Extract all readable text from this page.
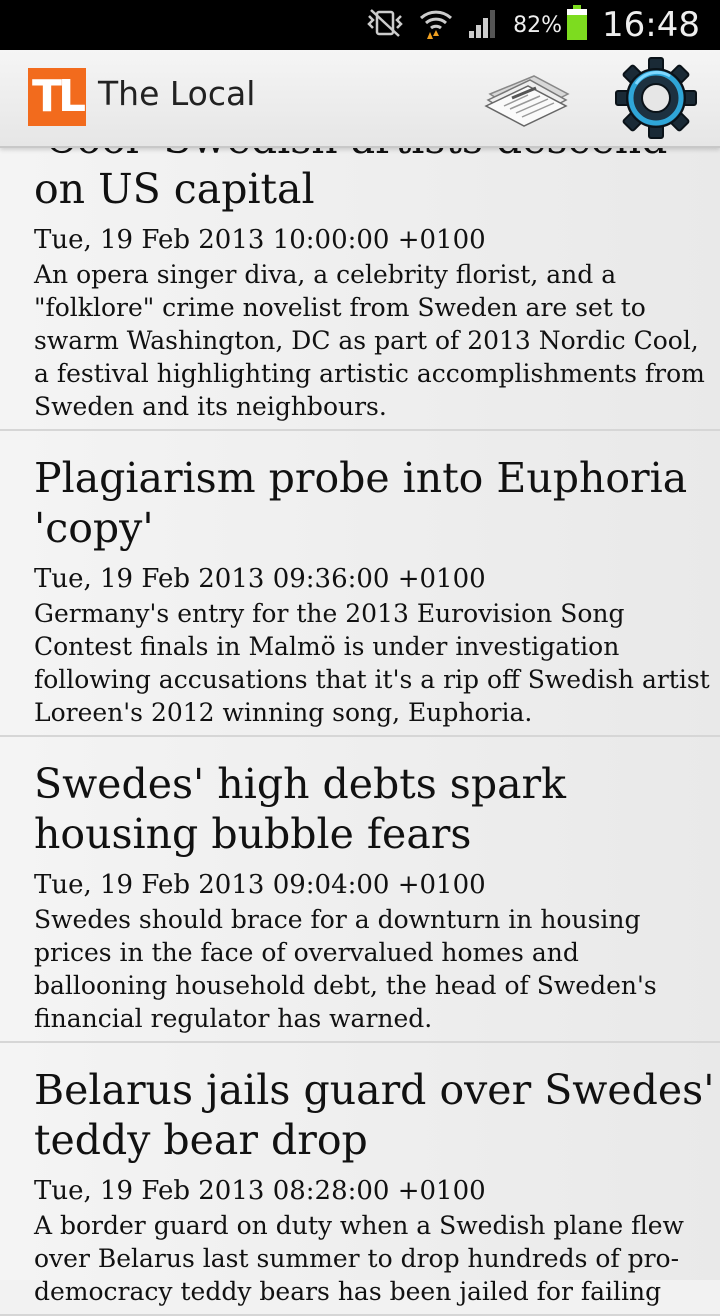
82% 16:48
TL The Local
on US capital
Tue, 19 Feb 2013 10:00:00 +0100
An opera singer diva, a celebrity florist, and a "folklore" crime novelist from Sweden are set to swarm Washington, DC as part of 2013 Nordic Cool, a festival highlighting artistic accomplishments from Sweden and its neighbours.
Plagiarism probe into Euphoria 'copy'
Tue, 19 Feb 2013 09:36:00 +0100
Germany's entry for the 2013 Eurovision Song Contest finals in Malmö is under investigation following accusations that it's a rip off Swedish artist Loreen's 2012 winning song, Euphoria.
Swedes' high debts spark housing bubble fears
Tue, 19 Feb 2013 09:04:00 +0100
Swedes should brace for a downturn in housing prices in the face of overvalued homes and ballooning household debt, the head of Sweden's financial regulator has warned.
Belarus jails guard over Swedes' teddy bear drop
Tue, 19 Feb 2013 08:28:00 +0100
A border guard on duty when a Swedish plane flew over Belarus last summer to drop hundreds of pro-democracy teddy bears has been jailed for failing
